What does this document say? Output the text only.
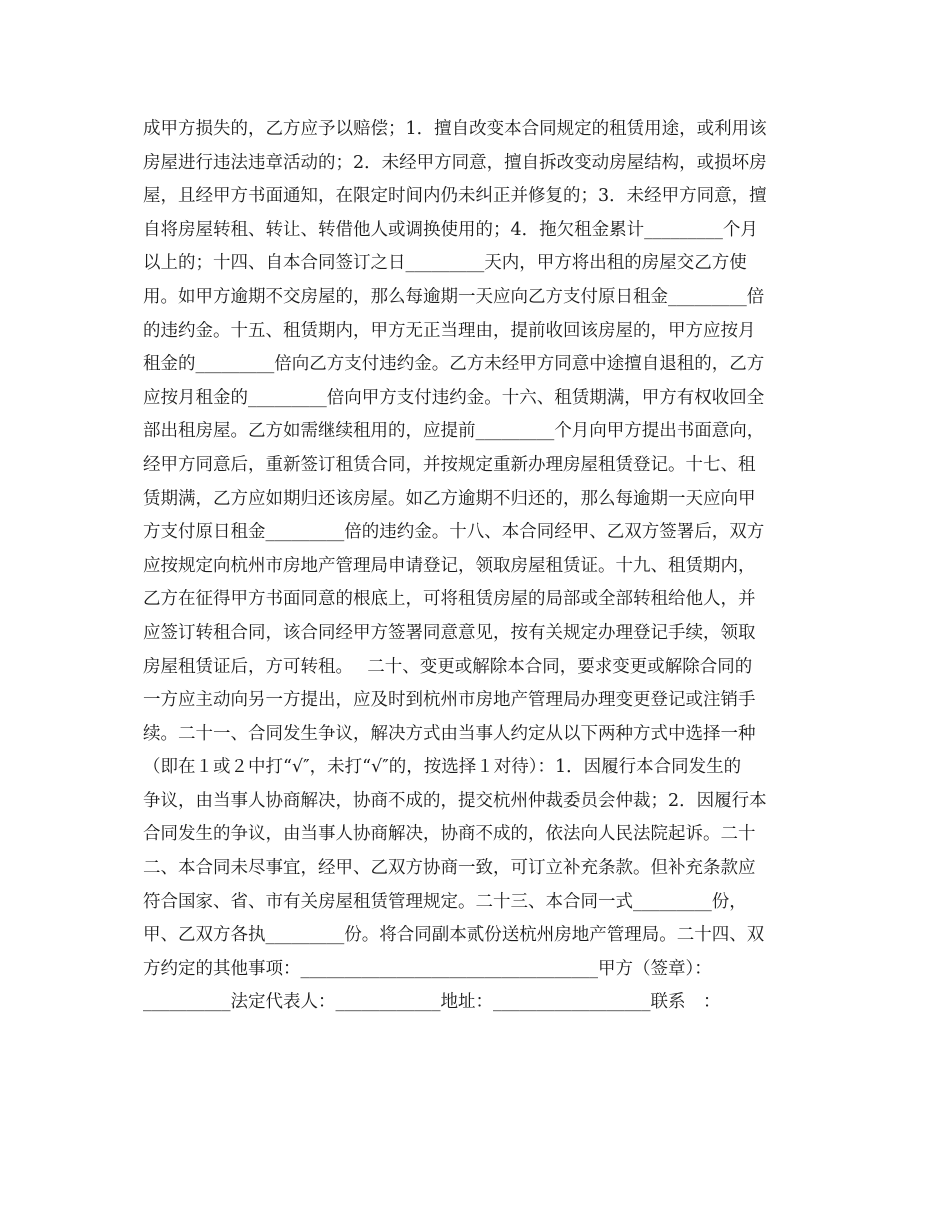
成甲方损失的，乙方应予以赔偿；1．擅自改变本合同规定的租赁用途，或利用该
房屋进行违法违章活动的；2．未经甲方同意，擅自拆改变动房屋结构，或损坏房
屋，且经甲方书面通知，在限定时间内仍未纠正并修复的；3．未经甲方同意，擅
自将房屋转租、转让、转借他人或调换使用的；4．拖欠租金累计_________个月
以上的；十四、自本合同签订之日_________天内，甲方将出租的房屋交乙方使
用。如甲方逾期不交房屋的，那么每逾期一天应向乙方支付原日租金_________倍
的违约金。十五、租赁期内，甲方无正当理由，提前收回该房屋的，甲方应按月
租金的_________倍向乙方支付违约金。乙方未经甲方同意中途擅自退租的，乙方
应按月租金的_________倍向甲方支付违约金。十六、租赁期满，甲方有权收回全
部出租房屋。乙方如需继续租用的，应提前_________个月向甲方提出书面意向，
经甲方同意后，重新签订租赁合同，并按规定重新办理房屋租赁登记。十七、租
赁期满，乙方应如期归还该房屋。如乙方逾期不归还的，那么每逾期一天应向甲
方支付原日租金_________倍的违约金。十八、本合同经甲、乙双方签署后，双方
应按规定向杭州市房地产管理局申请登记，领取房屋租赁证。十九、租赁期内，
乙方在征得甲方书面同意的根底上，可将租赁房屋的局部或全部转租给他人，并
应签订转租合同，该合同经甲方签署同意意见，按有关规定办理登记手续，领取
房屋租赁证后，方可转租。　 二十、变更或解除本合同，要求变更或解除合同的
一方应主动向另一方提出，应及时到杭州市房地产管理局办理变更登记或注销手
续。二十一、合同发生争议，解决方式由当事人约定从以下两种方式中选择一种
（即在１或２中打“√″，未打“√″的，按选择１对待）：1．因履行本合同发生的
争议，由当事人协商解决，协商不成的，提交杭州仲裁委员会仲裁；2．因履行本
合同发生的争议，由当事人协商解决，协商不成的，依法向人民法院起诉。二十
二、本合同未尽事宜，经甲、乙双方协商一致，可订立补充条款。但补充条款应
符合国家、省、市有关房屋租赁管理规定。二十三、本合同一式_________份，
甲、乙双方各执_________份。将合同副本贰份送杭州房地产管理局。二十四、双
方约定的其他事项：__________________________________甲方（签章）：
__________法定代表人：____________地址：__________________联系　：
